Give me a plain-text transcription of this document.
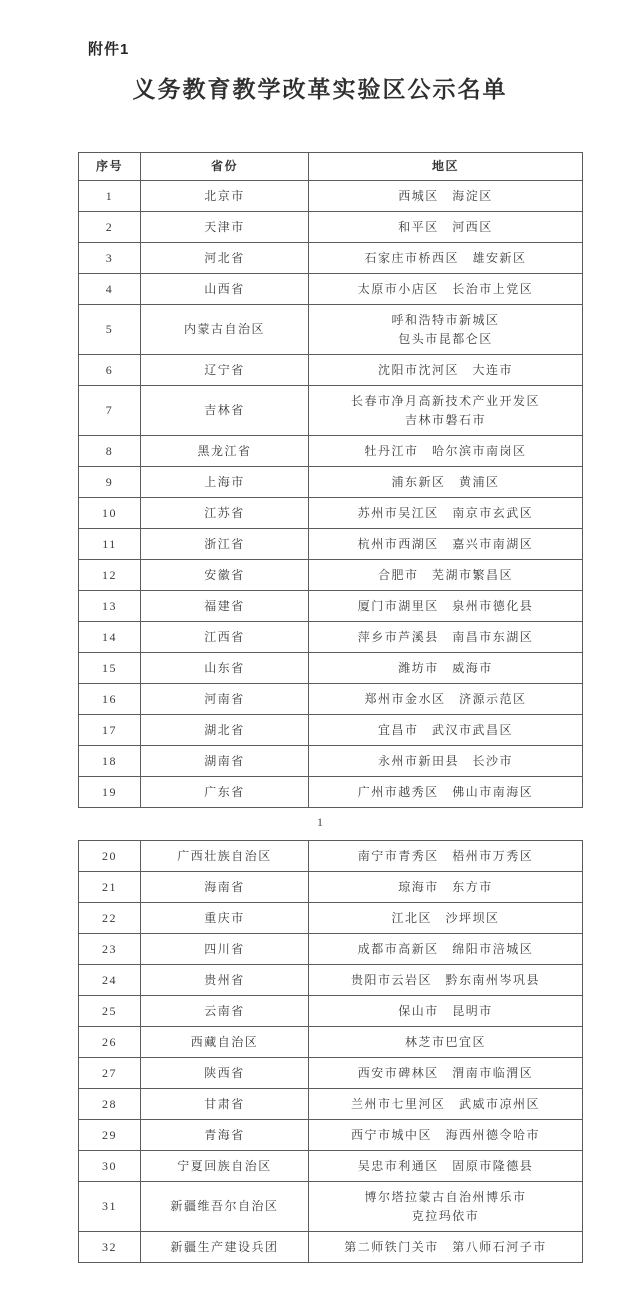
附件1
义务教育教学改革实验区公示名单
序号	省份	地区
1	北京市	西城区　海淀区

2	天津市	和平区　河西区

3	河北省	石家庄市桥西区　雄安新区

4	山西省	太原市小店区　长治市上党区

5	内蒙古自治区	呼和浩特市新城区
包头市昆都仑区

6	辽宁省	沈阳市沈河区　大连市

7	吉林省	长春市净月高新技术产业开发区
吉林市磐石市

8	黑龙江省	牡丹江市　哈尔滨市南岗区

9	上海市	浦东新区　黄浦区

10	江苏省	苏州市吴江区　南京市玄武区

11	浙江省	杭州市西湖区　嘉兴市南湖区

12	安徽省	合肥市　芜湖市繁昌区

13	福建省	厦门市湖里区　泉州市德化县

14	江西省	萍乡市芦溪县　南昌市东湖区

15	山东省	潍坊市　威海市

16	河南省	郑州市金水区　济源示范区

17	湖北省	宜昌市　武汉市武昌区

18	湖南省	永州市新田县　长沙市

19	广东省	广州市越秀区　佛山市南海区
1
20	广西壮族自治区	南宁市青秀区　梧州市万秀区

21	海南省	琼海市　东方市

22	重庆市	江北区　沙坪坝区

23	四川省	成都市高新区　绵阳市涪城区

24	贵州省	贵阳市云岩区　黔东南州岑巩县

25	云南省	保山市　昆明市

26	西藏自治区	林芝市巴宜区

27	陕西省	西安市碑林区　渭南市临渭区

28	甘肃省	兰州市七里河区　武威市凉州区

29	青海省	西宁市城中区　海西州德令哈市

30	宁夏回族自治区	吴忠市利通区　固原市隆德县

31	新疆维吾尔自治区	博尔塔拉蒙古自治州博乐市
克拉玛依市

32	新疆生产建设兵团	第二师铁门关市　第八师石河子市
